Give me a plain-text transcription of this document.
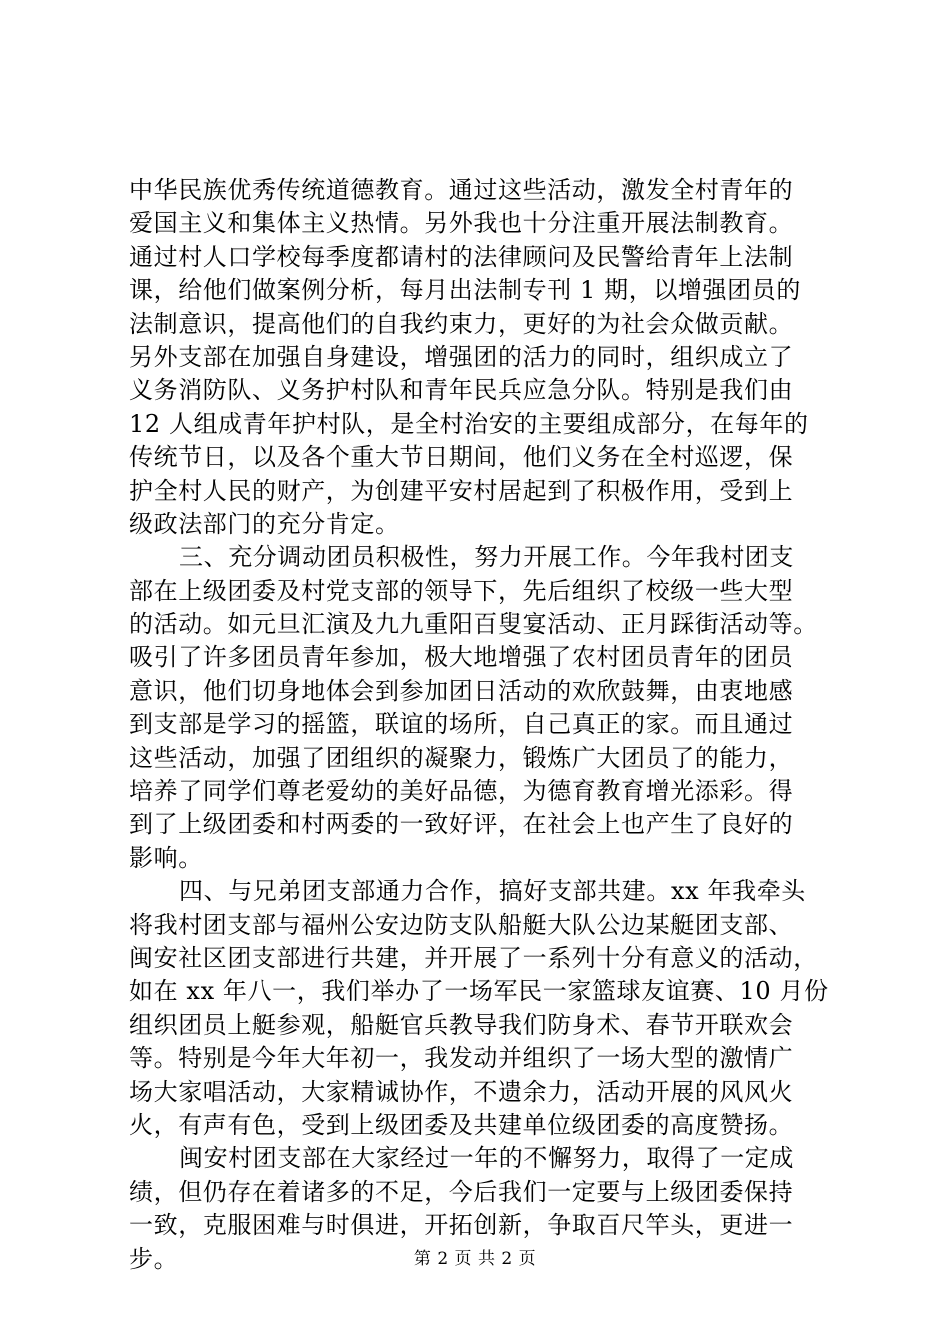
中华民族优秀传统道德教育。通过这些活动，激发全村青年的
爱国主义和集体主义热情。另外我也十分注重开展法制教育。
通过村人口学校每季度都请村的法律顾问及民警给青年上法制
课，给他们做案例分析，每月出法制专刊 1 期，以增强团员的
法制意识，提高他们的自我约束力，更好的为社会众做贡献。
另外支部在加强自身建设，增强团的活力的同时，组织成立了
义务消防队、义务护村队和青年民兵应急分队。特别是我们由
12 人组成青年护村队，是全村治安的主要组成部分，在每年的
传统节日，以及各个重大节日期间，他们义务在全村巡逻，保
护全村人民的财产，为创建平安村居起到了积极作用，受到上
级政法部门的充分肯定。
三、充分调动团员积极性，努力开展工作。今年我村团支
部在上级团委及村党支部的领导下，先后组织了校级一些大型
的活动。如元旦汇演及九九重阳百叟宴活动、正月踩街活动等。
吸引了许多团员青年参加，极大地增强了农村团员青年的团员
意识，他们切身地体会到参加团日活动的欢欣鼓舞，由衷地感
到支部是学习的摇篮，联谊的场所，自己真正的家。而且通过
这些活动，加强了团组织的凝聚力，锻炼广大团员了的能力，
培养了同学们尊老爱幼的美好品德，为德育教育增光添彩。得
到了上级团委和村两委的一致好评，在社会上也产生了良好的
影响。
四、与兄弟团支部通力合作，搞好支部共建。xx 年我牵头
将我村团支部与福州公安边防支队船艇大队公边某艇团支部、
闽安社区团支部进行共建，并开展了一系列十分有意义的活动，
如在 xx 年八一，我们举办了一场军民一家篮球友谊赛、10 月份
组织团员上艇参观，船艇官兵教导我们防身术、春节开联欢会
等。特别是今年大年初一，我发动并组织了一场大型的激情广
场大家唱活动，大家精诚协作，不遗余力，活动开展的风风火
火，有声有色，受到上级团委及共建单位级团委的高度赞扬。
闽安村团支部在大家经过一年的不懈努力，取得了一定成
绩，但仍存在着诸多的不足，今后我们一定要与上级团委保持
一致，克服困难与时俱进，开拓创新，争取百尺竿头，更进一
步。	第 2 页 共 2 页
